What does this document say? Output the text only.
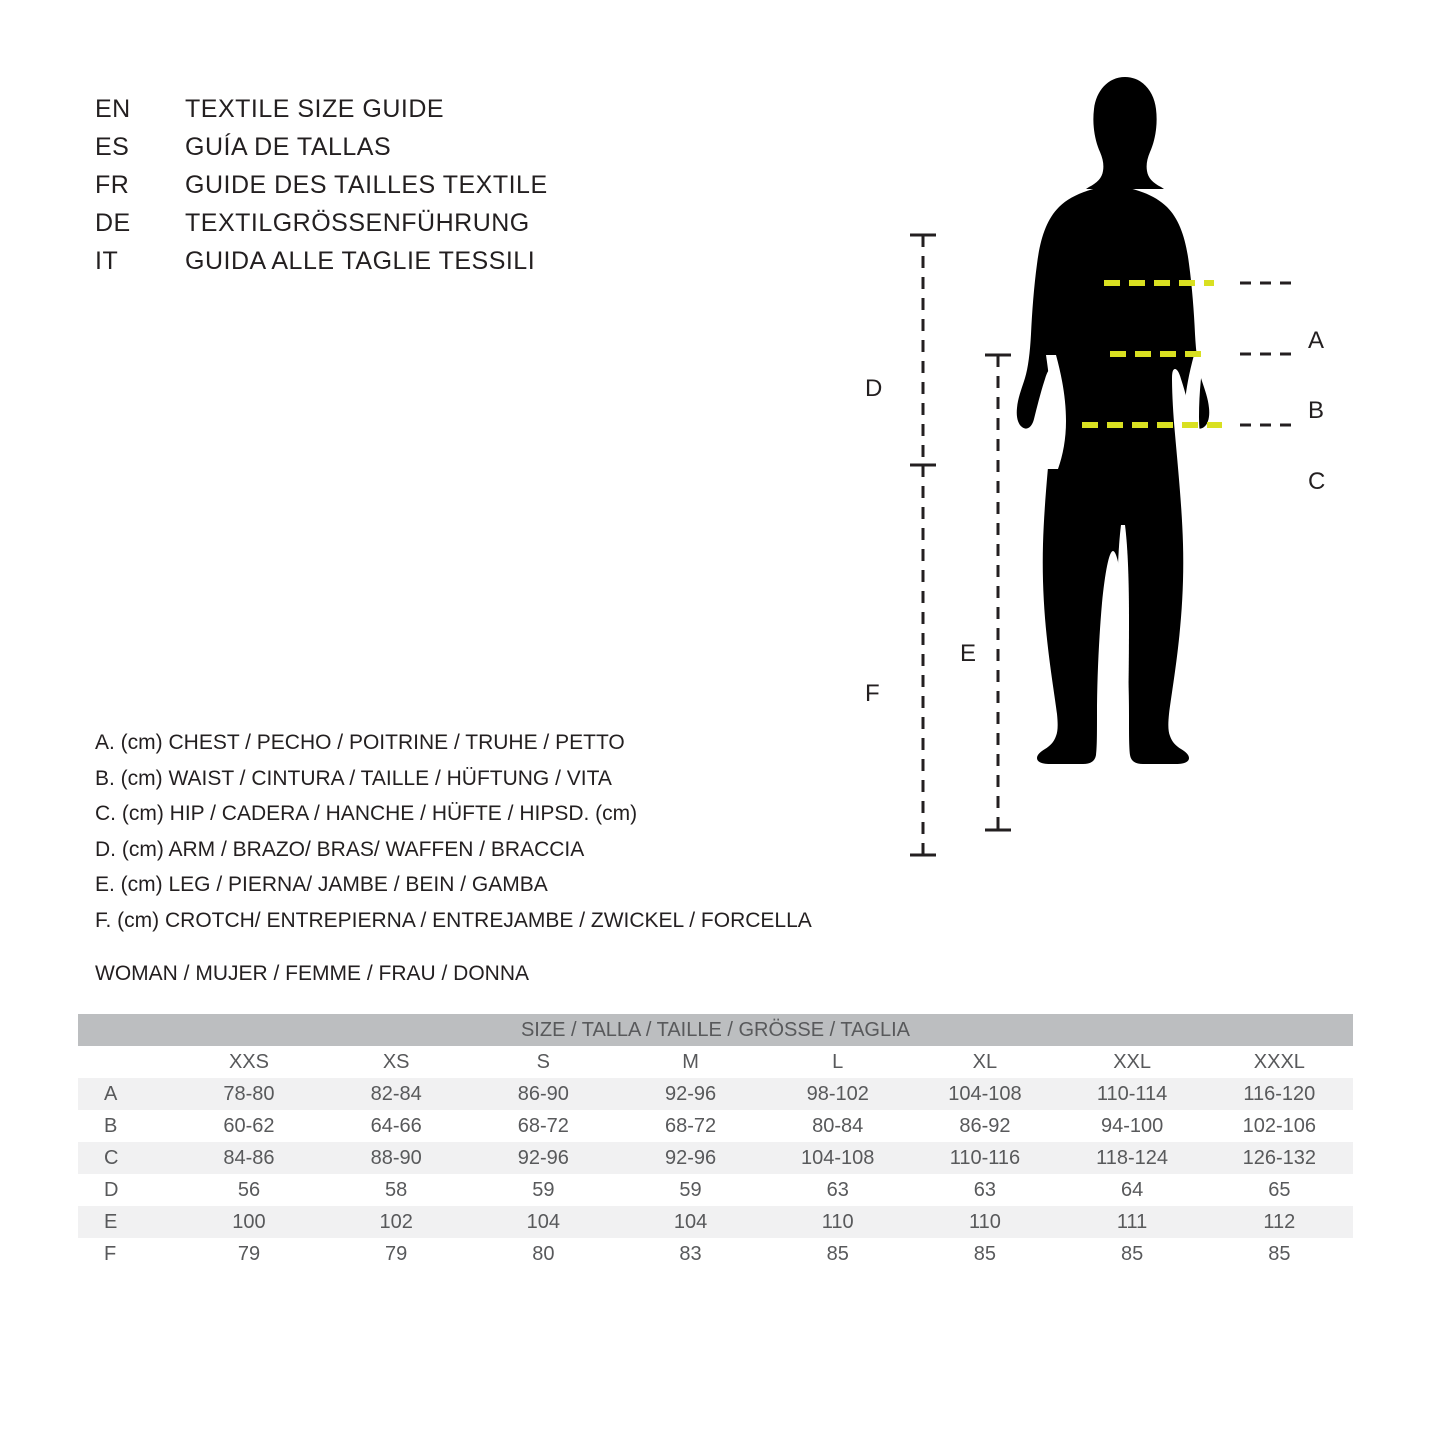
EN	TEXTILE SIZE GUIDE
ES	GUÍA DE TALLAS
FR	GUIDE DES TAILLES TEXTILE
DE	TEXTILGRÖSSENFÜHRUNG
IT	GUIDA ALLE TAGLIE TESSILI
A
B
C
D
E
F
A. (cm) CHEST / PECHO / POITRINE / TRUHE / PETTO
B. (cm) WAIST / CINTURA / TAILLE / HÜFTUNG / VITA
C. (cm) HIP / CADERA / HANCHE / HÜFTE / HIPSD. (cm)
D. (cm) ARM / BRAZO/ BRAS/ WAFFEN / BRACCIA
E. (cm) LEG / PIERNA/ JAMBE / BEIN / GAMBA
F. (cm) CROTCH/ ENTREPIERNA / ENTREJAMBE / ZWICKEL / FORCELLA
WOMAN / MUJER / FEMME / FRAU / DONNA
SIZE / TALLA / TAILLE / GRÖSSE / TAGLIA								
	XXS	XS	S	M	L	XL	XXL	XXXL
A	78-80	82-84	86-90	92-96	98-102	104-108	110-114	116-120
B	60-62	64-66	68-72	68-72	80-84	86-92	94-100	102-106
C	84-86	88-90	92-96	92-96	104-108	110-116	118-124	126-132
D	56	58	59	59	63	63	64	65
E	100	102	104	104	110	110	111	112
F	79	79	80	83	85	85	85	85
